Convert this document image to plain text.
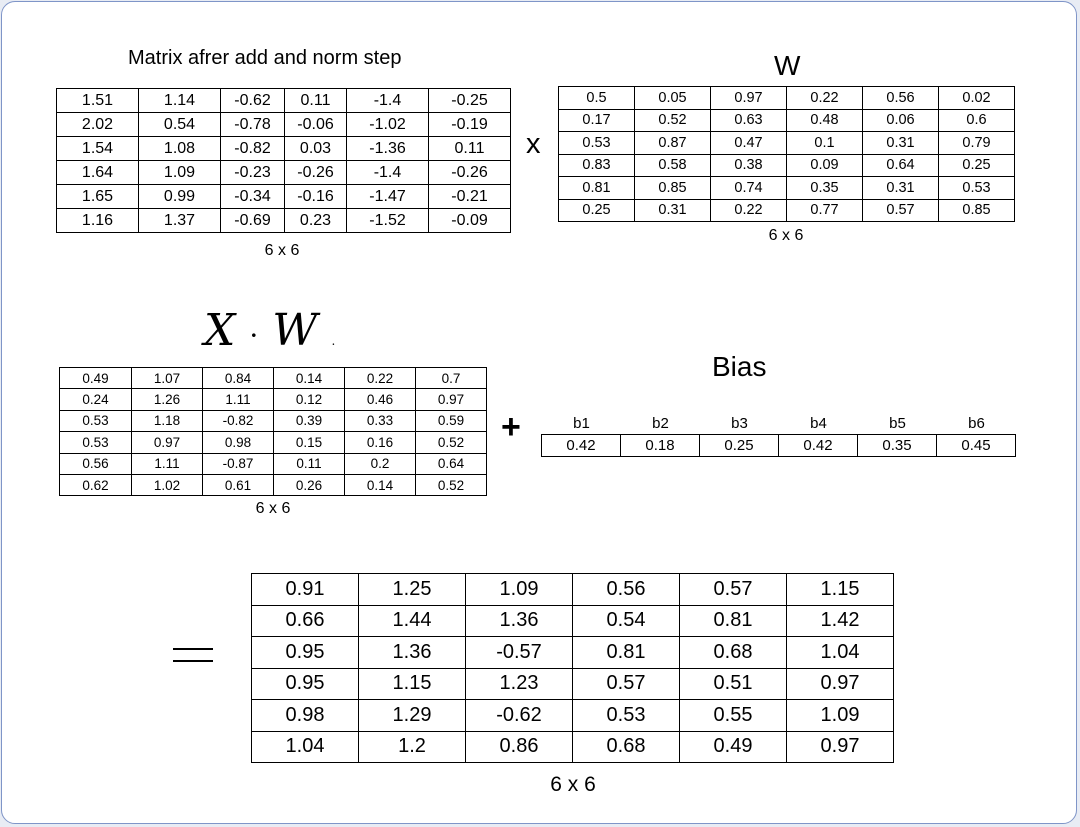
Matrix afrer add and norm step
1.51	1.14	-0.62	0.11	-1.4	-0.25
2.02	0.54	-0.78	-0.06	-1.02	-0.19
1.54	1.08	-0.82	0.03	-1.36	0.11
1.64	1.09	-0.23	-0.26	-1.4	-0.26
1.65	0.99	-0.34	-0.16	-1.47	-0.21
1.16	1.37	-0.69	0.23	-1.52	-0.09
6 x 6
x
W
0.5	0.05	0.97	0.22	0.56	0.02
0.17	0.52	0.63	0.48	0.06	0.6
0.53	0.87	0.47	0.1	0.31	0.79
0.83	0.58	0.38	0.09	0.64	0.25
0.81	0.85	0.74	0.35	0.31	0.53
0.25	0.31	0.22	0.77	0.57	0.85
6 x 6
X · W .
0.49	1.07	0.84	0.14	0.22	0.7
0.24	1.26	1.11	0.12	0.46	0.97
0.53	1.18	-0.82	0.39	0.33	0.59
0.53	0.97	0.98	0.15	0.16	0.52
0.56	1.11	-0.87	0.11	0.2	0.64
0.62	1.02	0.61	0.26	0.14	0.52
6 x 6
+
Bias
b1	b2	b3	b4	b5	b6
0.42	0.18	0.25	0.42	0.35	0.45
0.91	1.25	1.09	0.56	0.57	1.15
0.66	1.44	1.36	0.54	0.81	1.42
0.95	1.36	-0.57	0.81	0.68	1.04
0.95	1.15	1.23	0.57	0.51	0.97
0.98	1.29	-0.62	0.53	0.55	1.09
1.04	1.2	0.86	0.68	0.49	0.97
6 x 6
